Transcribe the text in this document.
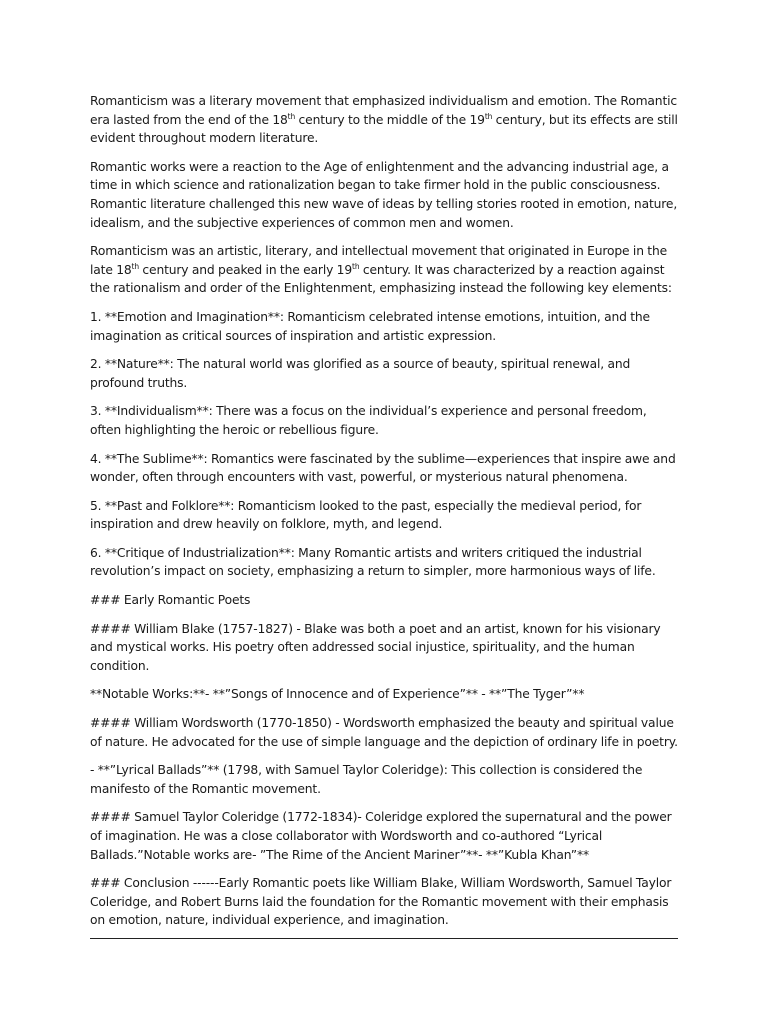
Romanticism was a literary movement that emphasized individualism and emotion. The Romantic era lasted from the end of the 18th century to the middle of the 19th century, but its effects are still evident throughout modern literature.

Romantic works were a reaction to the Age of enlightenment and the advancing industrial age, a time in which science and rationalization began to take firmer hold in the public consciousness. Romantic literature challenged this new wave of ideas by telling stories rooted in emotion, nature, idealism, and the subjective experiences of common men and women.

Romanticism was an artistic, literary, and intellectual movement that originated in Europe in the late 18th century and peaked in the early 19th century. It was characterized by a reaction against the rationalism and order of the Enlightenment, emphasizing instead the following key elements:

1. **Emotion and Imagination**: Romanticism celebrated intense emotions, intuition, and the imagination as critical sources of inspiration and artistic expression.

2. **Nature**: The natural world was glorified as a source of beauty, spiritual renewal, and profound truths.

3. **Individualism**: There was a focus on the individual’s experience and personal freedom, often highlighting the heroic or rebellious figure.

4. **The Sublime**: Romantics were fascinated by the sublime—experiences that inspire awe and wonder, often through encounters with vast, powerful, or mysterious natural phenomena.

5. **Past and Folklore**: Romanticism looked to the past, especially the medieval period, for inspiration and drew heavily on folklore, myth, and legend.

6. **Critique of Industrialization**: Many Romantic artists and writers critiqued the industrial revolution’s impact on society, emphasizing a return to simpler, more harmonious ways of life.

### Early Romantic Poets

#### William Blake (1757-1827) - Blake was both a poet and an artist, known for his visionary and mystical works. His poetry often addressed social injustice, spirituality, and the human condition.

**Notable Works:**- **”Songs of Innocence and of Experience”** - **”The Tyger”**

#### William Wordsworth (1770-1850) - Wordsworth emphasized the beauty and spiritual value of nature. He advocated for the use of simple language and the depiction of ordinary life in poetry.

- **”Lyrical Ballads”** (1798, with Samuel Taylor Coleridge): This collection is considered the manifesto of the Romantic movement.

#### Samuel Taylor Coleridge (1772-1834)- Coleridge explored the supernatural and the power of imagination. He was a close collaborator with Wordsworth and co-authored “Lyrical Ballads.”Notable works are- ”The Rime of the Ancient Mariner”**- **”Kubla Khan”**

### Conclusion ------Early Romantic poets like William Blake, William Wordsworth, Samuel Taylor Coleridge, and Robert Burns laid the foundation for the Romantic movement with their emphasis on emotion, nature, individual experience, and imagination.
